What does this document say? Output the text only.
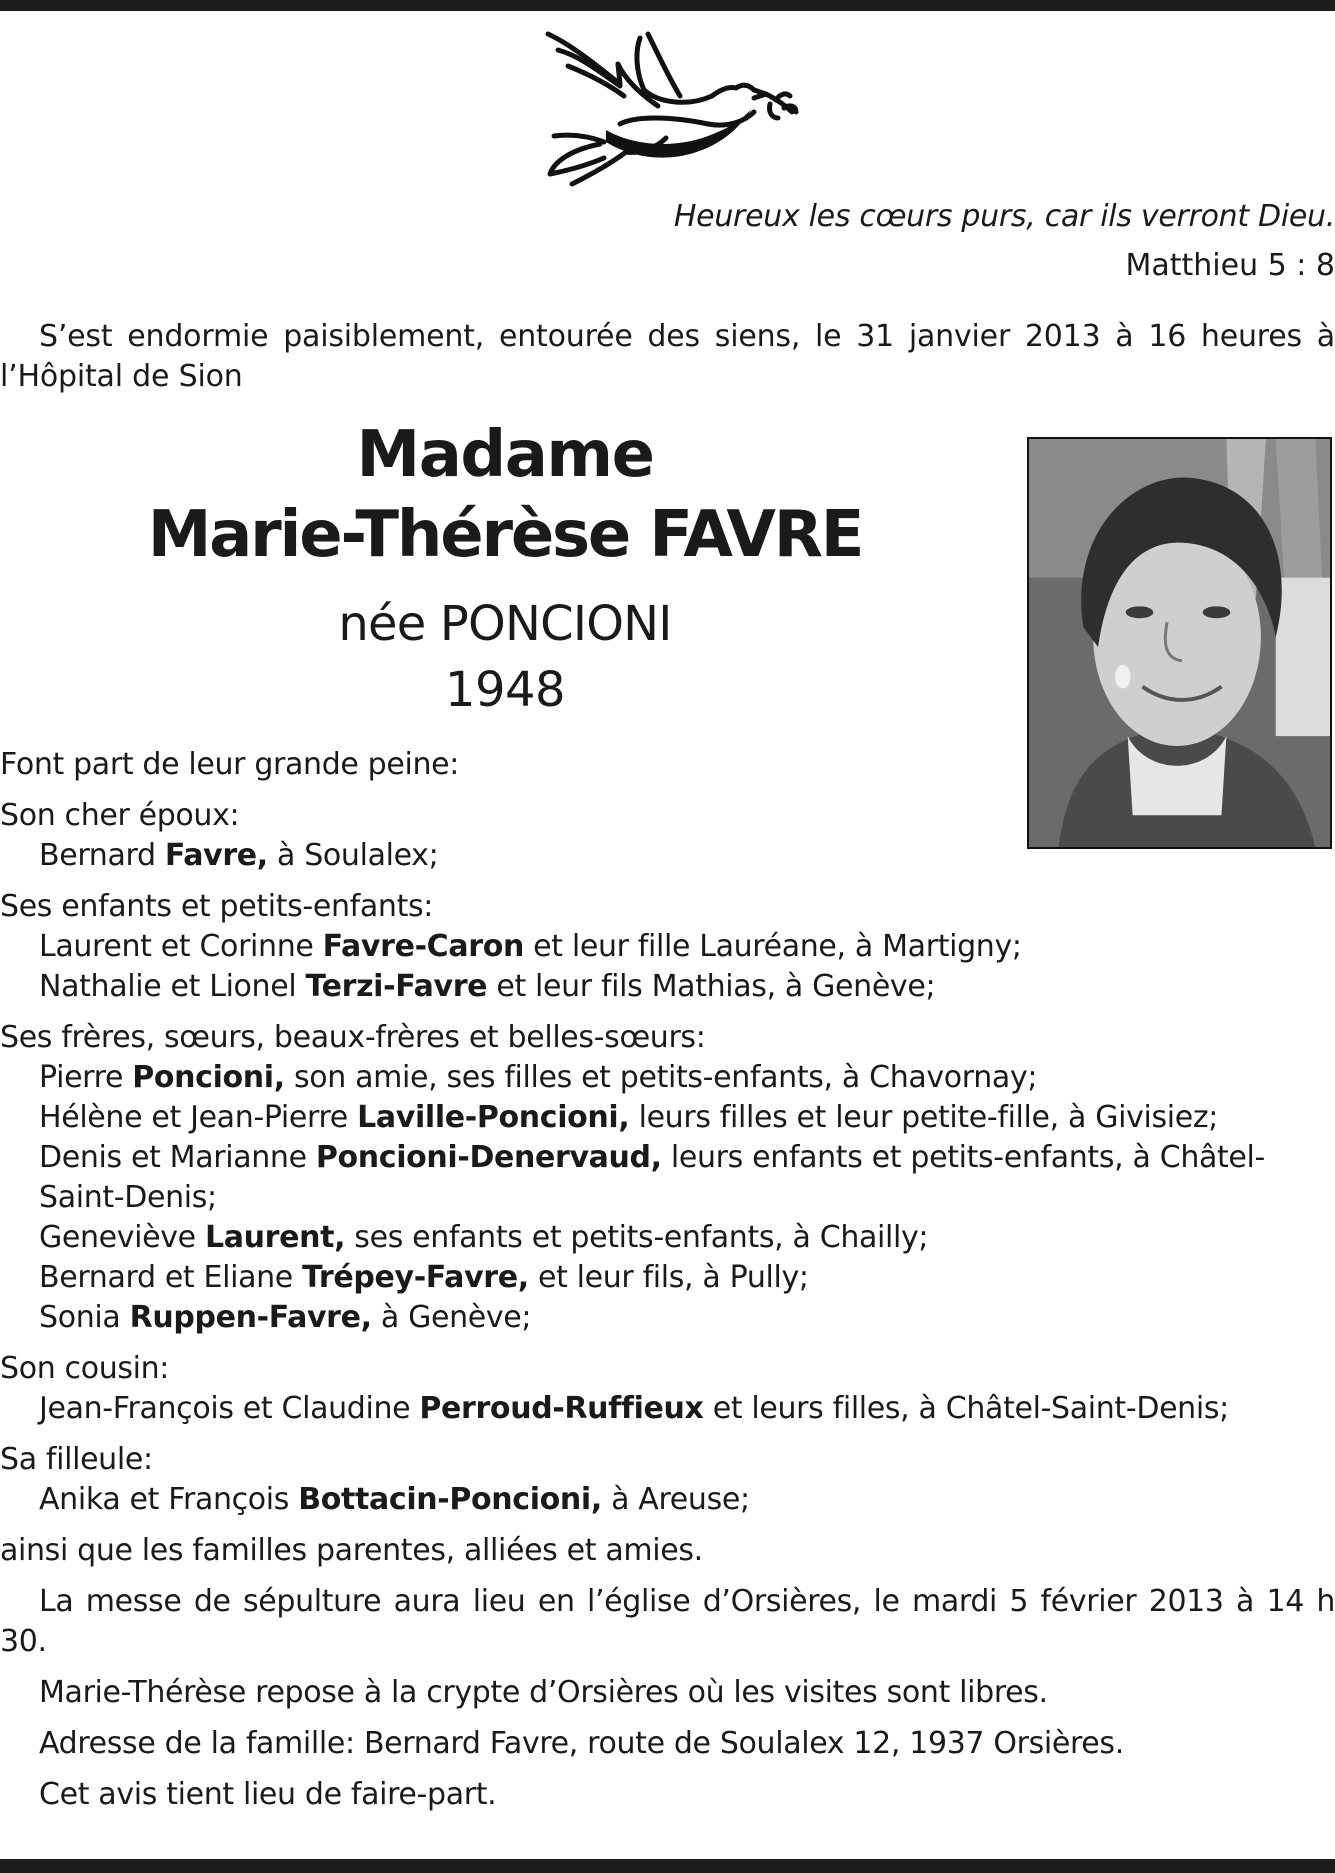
Heureux les cœurs purs, car ils verront Dieu.
Matthieu 5 : 8
S’est endormie paisiblement, entourée des siens, le 31 janvier 2013 à 16 heures à l’Hôpital de Sion
Madame
Marie-Thérèse FAVRE
née PONCIONI
1948
Font part de leur grande peine:
Son cher époux:
Bernard Favre, à Soulalex;
Ses enfants et petits-enfants:
Laurent et Corinne Favre-Caron et leur fille Lauréane, à Martigny;
Nathalie et Lionel Terzi-Favre et leur fils Mathias, à Genève;
Ses frères, sœurs, beaux-frères et belles-sœurs:
Pierre Poncioni, son amie, ses filles et petits-enfants, à Chavornay;
Hélène et Jean-Pierre Laville-Poncioni, leurs filles et leur petite-fille, à Givisiez;
Denis et Marianne Poncioni-Denervaud, leurs enfants et petits-enfants, à Châtel-Saint-Denis;
Geneviève Laurent, ses enfants et petits-enfants, à Chailly;
Bernard et Eliane Trépey-Favre, et leur fils, à Pully;
Sonia Ruppen-Favre, à Genève;
Son cousin:
Jean-François et Claudine Perroud-Ruffieux et leurs filles, à Châtel-Saint-Denis;
Sa filleule:
Anika et François Bottacin-Poncioni, à Areuse;
ainsi que les familles parentes, alliées et amies.
La messe de sépulture aura lieu en l’église d’Orsières, le mardi 5 février 2013 à 14 h 30.
Marie-Thérèse repose à la crypte d’Orsières où les visites sont libres.
Adresse de la famille: Bernard Favre, route de Soulalex 12, 1937 Orsières.
Cet avis tient lieu de faire-part.
